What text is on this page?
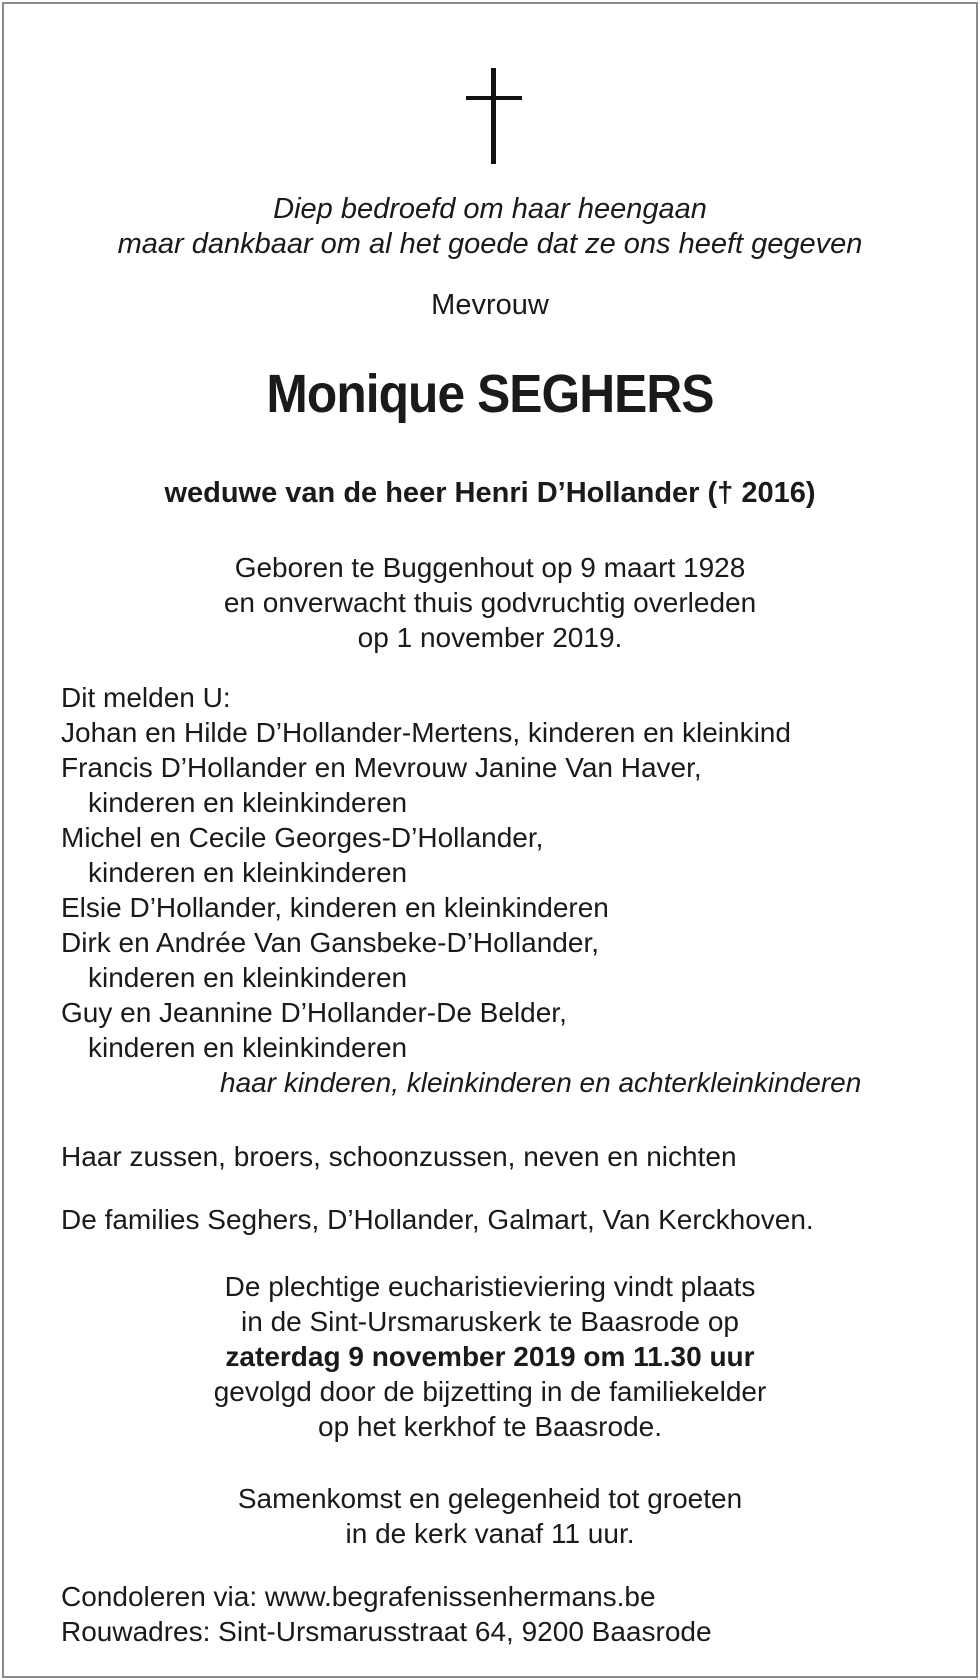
Diep bedroefd om haar heengaan
maar dankbaar om al het goede dat ze ons heeft gegeven
Mevrouw
Monique SEGHERS
weduwe van de heer Henri D’Hollander († 2016)
Geboren te Buggenhout op 9 maart 1928
en onverwacht thuis godvruchtig overleden
op 1 november 2019.
Dit melden U:
Johan en Hilde D’Hollander-Mertens, kinderen en kleinkind
Francis D’Hollander en Mevrouw Janine Van Haver,
kinderen en kleinkinderen
Michel en Cecile Georges-D’Hollander,
kinderen en kleinkinderen
Elsie D’Hollander, kinderen en kleinkinderen
Dirk en Andrée Van Gansbeke-D’Hollander,
kinderen en kleinkinderen
Guy en Jeannine D’Hollander-De Belder,
kinderen en kleinkinderen
haar kinderen, kleinkinderen en achterkleinkinderen
Haar zussen, broers, schoonzussen, neven en nichten
De families Seghers, D’Hollander, Galmart, Van Kerckhoven.
De plechtige eucharistieviering vindt plaats
in de Sint-Ursmaruskerk te Baasrode op
zaterdag 9 november 2019 om 11.30 uur
gevolgd door de bijzetting in de familiekelder
op het kerkhof te Baasrode.
Samenkomst en gelegenheid tot groeten
in de kerk vanaf 11 uur.
Condoleren via: www.begrafenissenhermans.be
Rouwadres: Sint-Ursmarusstraat 64, 9200 Baasrode
